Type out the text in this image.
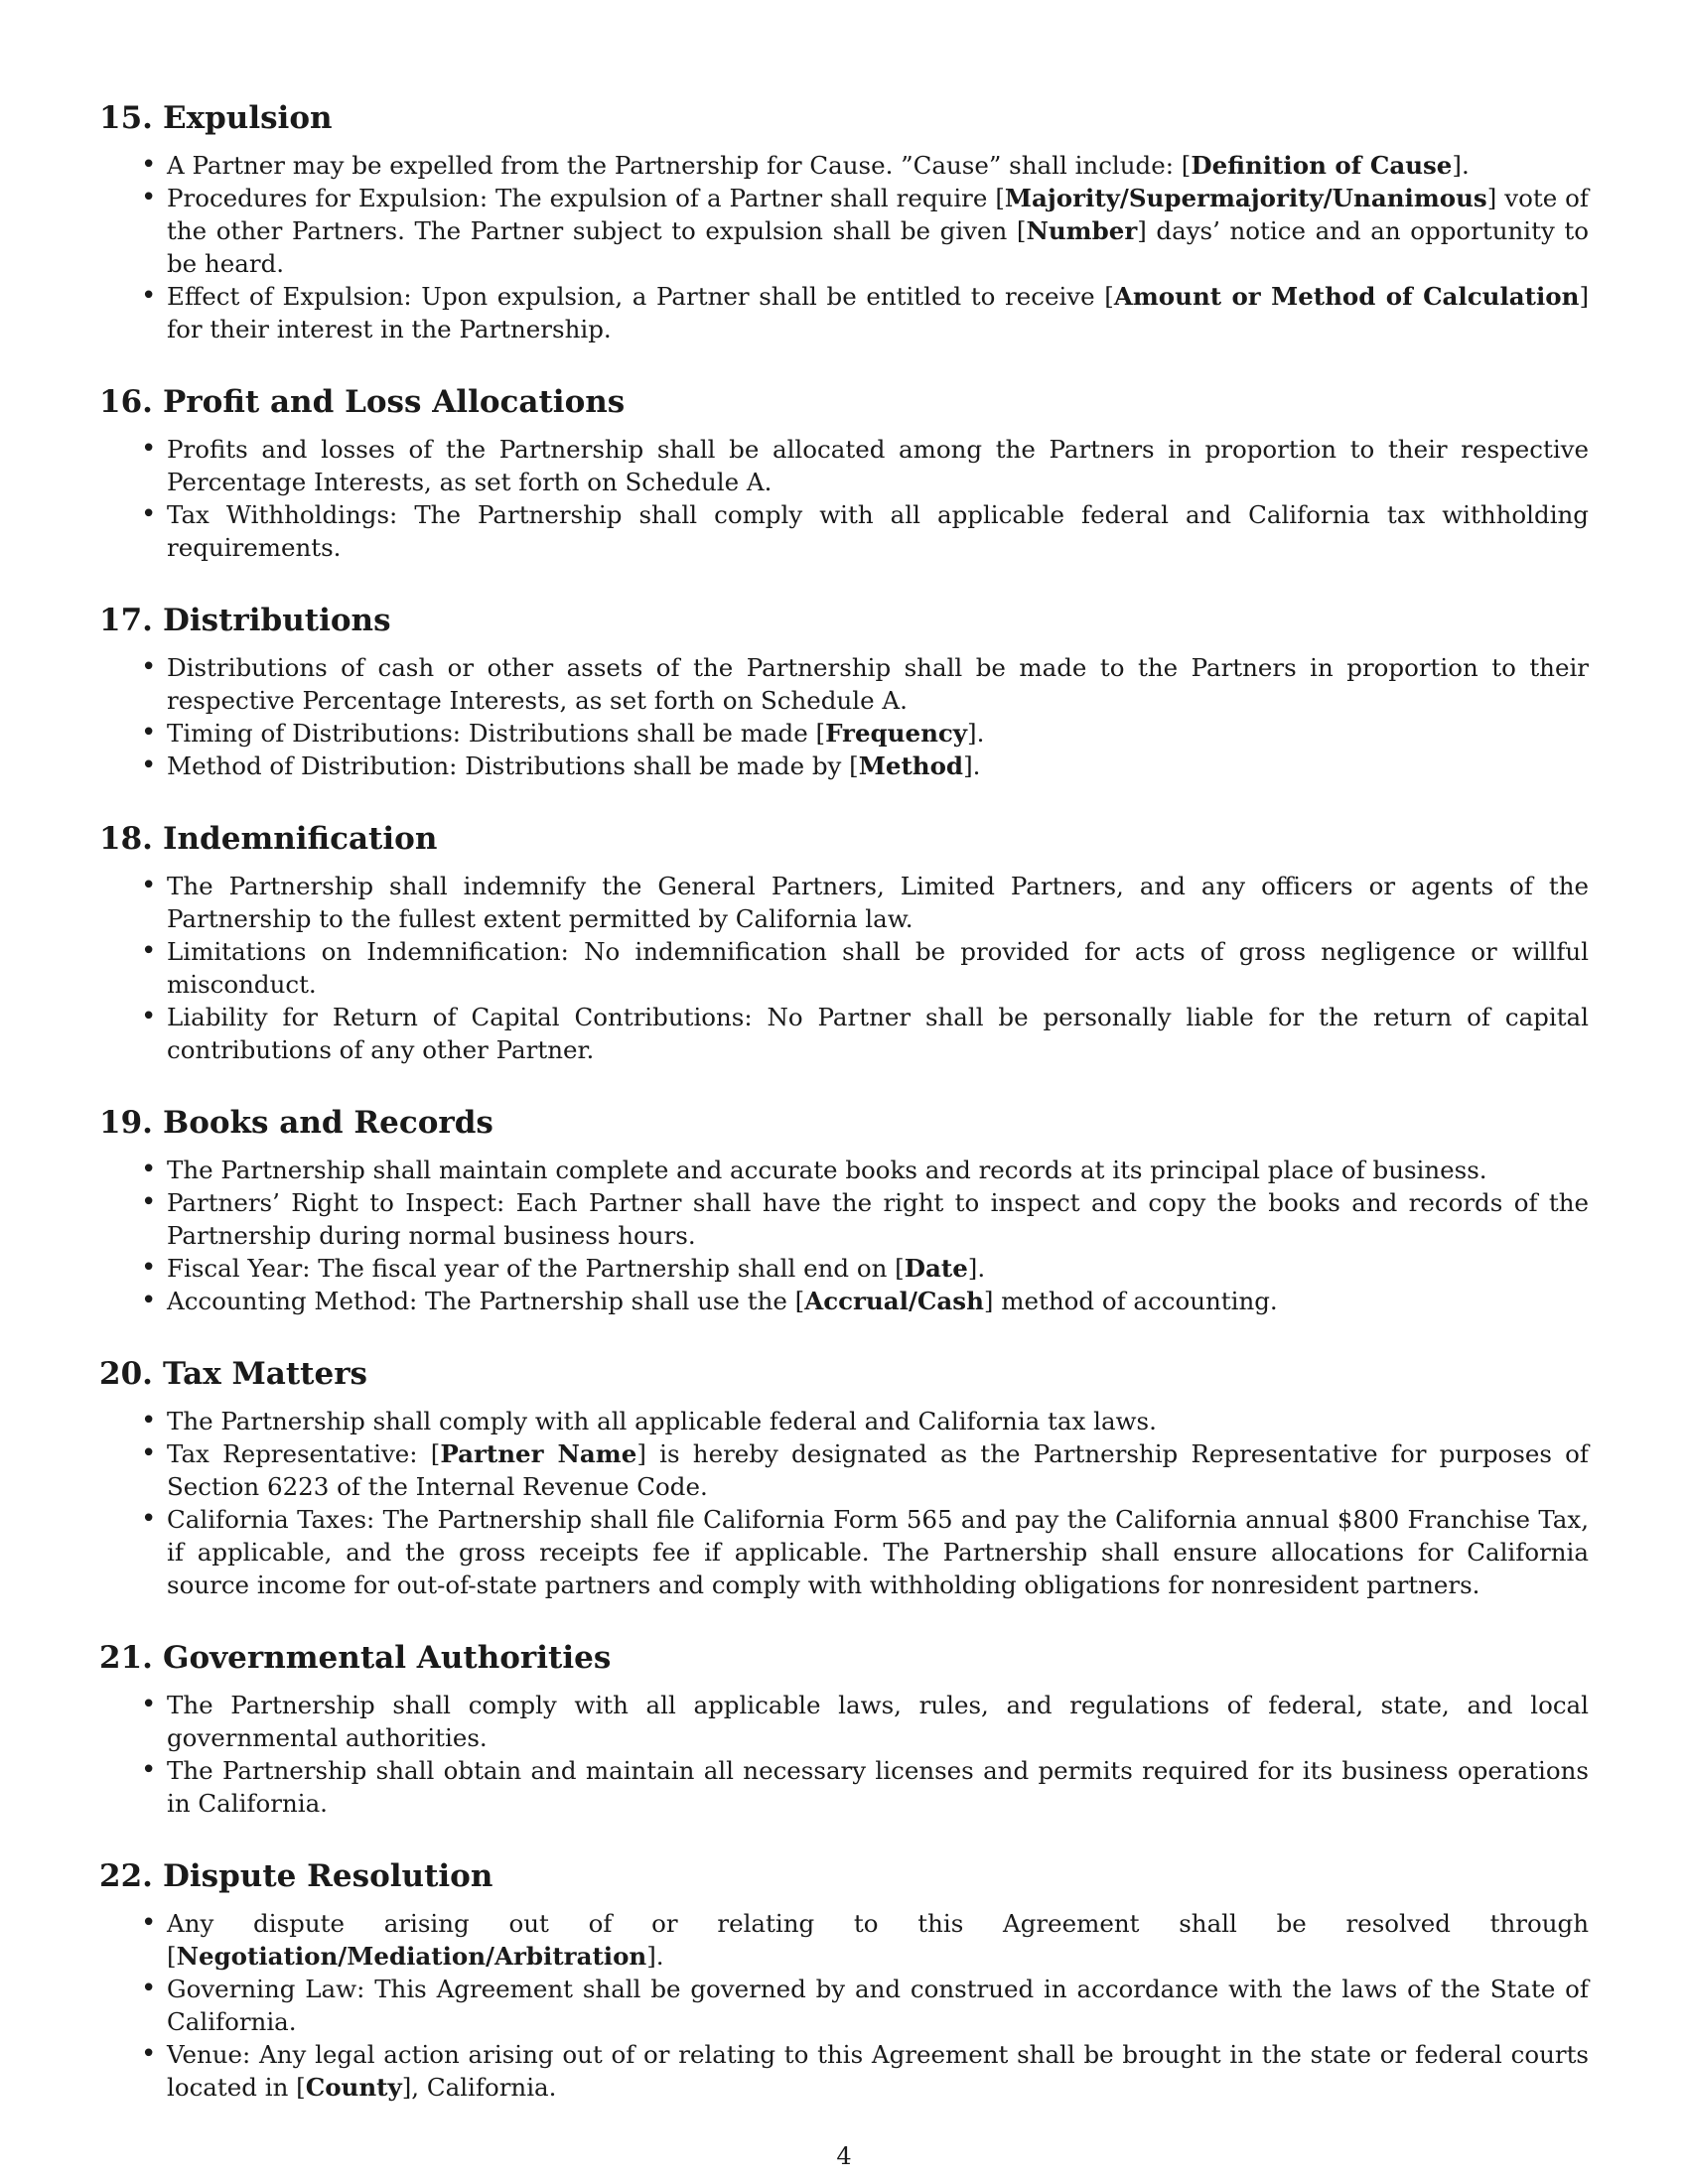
15. Expulsion
• A Partner may be expelled from the Partnership for Cause. ”Cause” shall include: [Definition of Cause].
• Procedures for Expulsion: The expulsion of a Partner shall require [Majority/Supermajority/Unanimous] vote of the other Partners. The Partner subject to expulsion shall be given [Number] days’ notice and an opportunity to be heard.
• Effect of Expulsion: Upon expulsion, a Partner shall be entitled to receive [Amount or Method of Calculation] for their interest in the Partnership.
16. Profit and Loss Allocations
• Profits and losses of the Partnership shall be allocated among the Partners in proportion to their respective Percentage Interests, as set forth on Schedule A.
• Tax Withholdings: The Partnership shall comply with all applicable federal and California tax withholding requirements.
17. Distributions
• Distributions of cash or other assets of the Partnership shall be made to the Partners in proportion to their respective Percentage Interests, as set forth on Schedule A.
• Timing of Distributions: Distributions shall be made [Frequency].
• Method of Distribution: Distributions shall be made by [Method].
18. Indemnification
• The Partnership shall indemnify the General Partners, Limited Partners, and any officers or agents of the Partnership to the fullest extent permitted by California law.
• Limitations on Indemnification: No indemnification shall be provided for acts of gross negligence or willful misconduct.
• Liability for Return of Capital Contributions: No Partner shall be personally liable for the return of capital contributions of any other Partner.
19. Books and Records
• The Partnership shall maintain complete and accurate books and records at its principal place of business.
• Partners’ Right to Inspect: Each Partner shall have the right to inspect and copy the books and records of the Partnership during normal business hours.
• Fiscal Year: The fiscal year of the Partnership shall end on [Date].
• Accounting Method: The Partnership shall use the [Accrual/Cash] method of accounting.
20. Tax Matters
• The Partnership shall comply with all applicable federal and California tax laws.
• Tax Representative: [Partner Name] is hereby designated as the Partnership Representative for purposes of Section 6223 of the Internal Revenue Code.
• California Taxes: The Partnership shall file California Form 565 and pay the California annual $800 Franchise Tax, if applicable, and the gross receipts fee if applicable. The Partnership shall ensure allocations for California source income for out-of-state partners and comply with withholding obligations for nonresident partners.
21. Governmental Authorities
• The Partnership shall comply with all applicable laws, rules, and regulations of federal, state, and local governmental authorities.
• The Partnership shall obtain and maintain all necessary licenses and permits required for its business operations in California.
22. Dispute Resolution
• Any dispute arising out of or relating to this Agreement shall be resolved through [Negotiation/Mediation/Arbitration].
• Governing Law: This Agreement shall be governed by and construed in accordance with the laws of the State of California.
• Venue: Any legal action arising out of or relating to this Agreement shall be brought in the state or federal courts located in [County], California.
4
